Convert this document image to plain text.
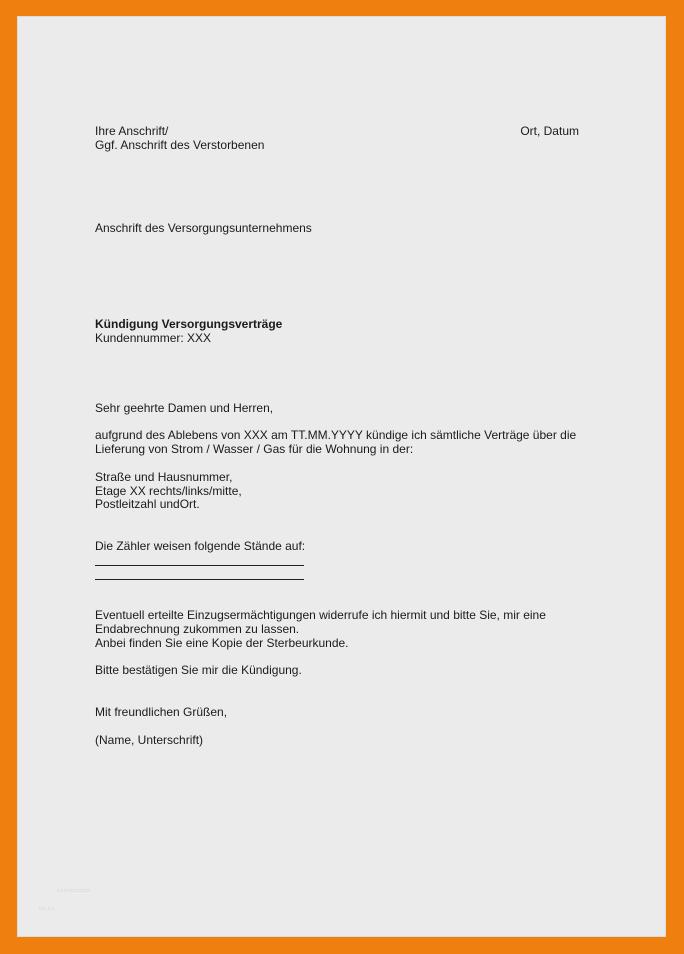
Ihre Anschrift/

Ggf. Anschrift des Verstorbenen

Ort, Datum

Anschrift des Versorgungsunternehmens

Kündigung Versorgungsverträge

Kundennummer: XXX

Sehr geehrte Damen und Herren,

aufgrund des Ablebens von XXX am TT.MM.YYYY kündige ich sämtliche Verträge über die

Lieferung von Strom / Wasser / Gas für die Wohnung in der:

Straße und Hausnummer,

Etage XX rechts/links/mitte,

Postleitzahl undOrt.

Die Zähler weisen folgende Stände auf:

Eventuell erteilte Einzugsermächtigungen widerrufe ich hiermit und bitte Sie, mir eine

Endabrechnung zukommen zu lassen.

Anbei finden Sie eine Kopie der Sterbeurkunde.

Bitte bestätigen Sie mir die Kündigung.

Mit freundlichen Grüßen,

(Name, Unterschrift)

▭▭▭▭▭
▭ ▭
